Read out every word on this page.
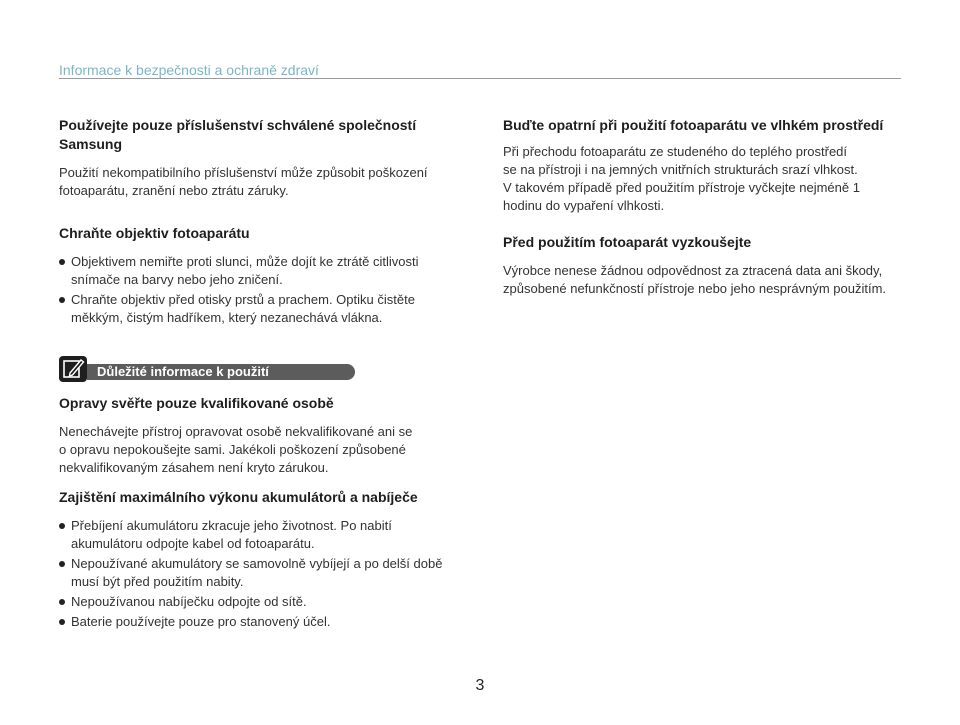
Informace k bezpečnosti a ochraně zdraví
Používejte pouze příslušenství schválené společností
Samsung

Použití nekompatibilního příslušenství může způsobit poškození
fotoaparátu, zranění nebo ztrátu záruky.

Chraňte objektiv fotoaparátu
Objektivem nemiřte proti slunci, může dojít ke ztrátě citlivosti
snímače na barvy nebo jeho zničení.
Chraňte objektiv před otisky prstů a prachem. Optiku čistěte
měkkým, čistým hadříkem, který nezanechává vlákna.
Buďte opatrní při použití fotoaparátu ve vlhkém prostředí

Při přechodu fotoaparátu ze studeného do teplého prostředí
se na přístroji i na jemných vnitřních strukturách srazí vlhkost.
V takovém případě před použitím přístroje vyčkejte nejméně 1
hodinu do vypaření vlhkosti.

Před použitím fotoaparát vyzkoušejte

Výrobce nenese žádnou odpovědnost za ztracená data ani škody,
způsobené nefunkčností přístroje nebo jeho nesprávným použitím.

Důležité informace k použití
Opravy svěřte pouze kvalifikované osobě

Nenechávejte přístroj opravovat osobě nekvalifikované ani se
o opravu nepokoušejte sami. Jakékoli poškození způsobené
nekvalifikovaným zásahem není kryto zárukou.

Zajištění maximálního výkonu akumulátorů a nabíječe
Přebíjení akumulátoru zkracuje jeho životnost. Po nabití
akumulátoru odpojte kabel od fotoaparátu.
Nepoužívané akumulátory se samovolně vybíjejí a po delší době
musí být před použitím nabity.
Nepoužívanou nabíječku odpojte od sítě.
Baterie používejte pouze pro stanovený účel.
3
